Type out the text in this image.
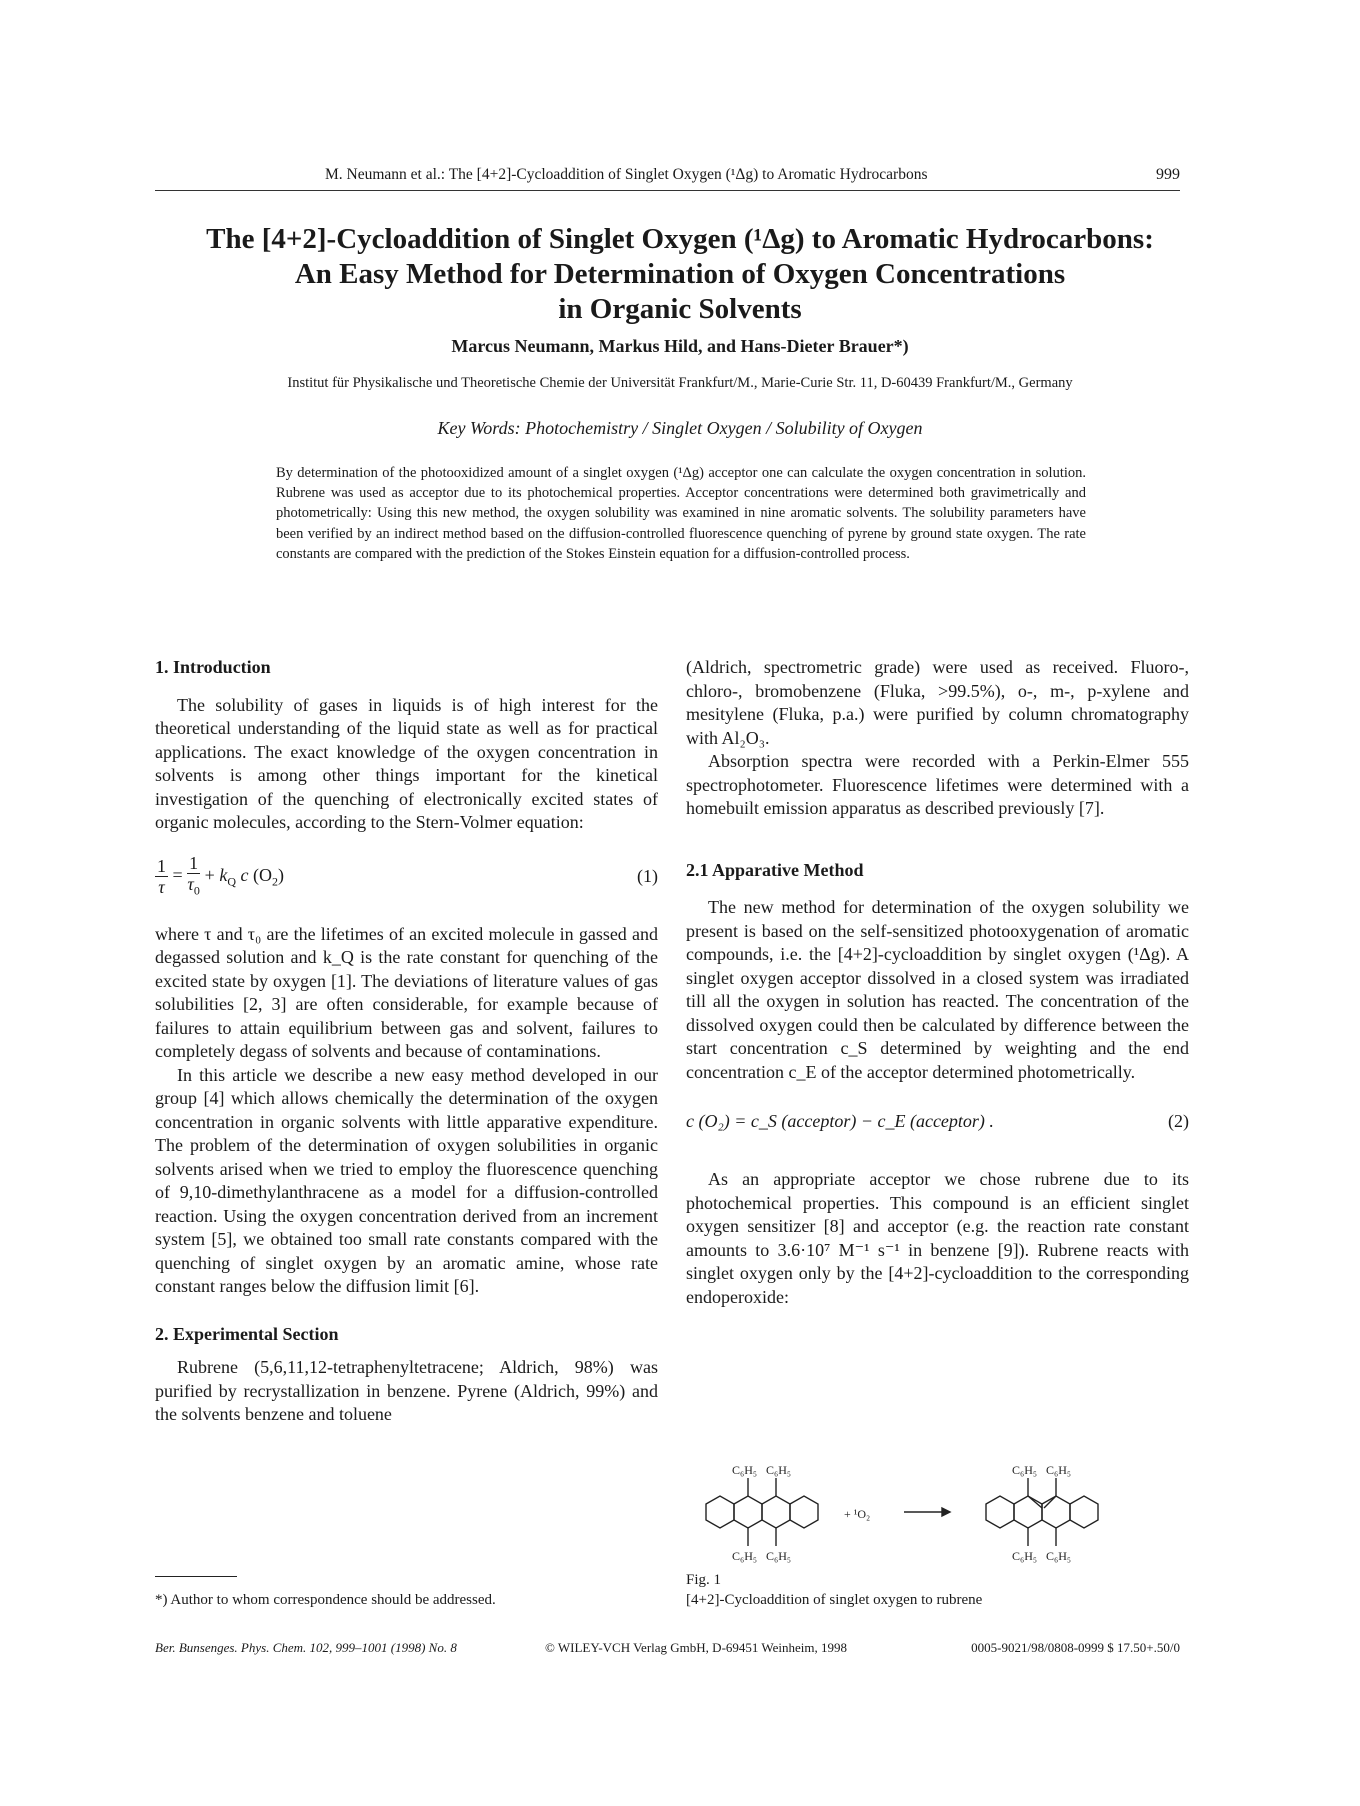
M. Neumann et al.: The [4+2]-Cycloaddition of Singlet Oxygen (¹Δg) to Aromatic Hydrocarbons	999
The [4+2]-Cycloaddition of Singlet Oxygen (¹Δg) to Aromatic Hydrocarbons:
An Easy Method for Determination of Oxygen Concentrations
in Organic Solvents
Marcus Neumann, Markus Hild, and Hans-Dieter Brauer*)
Institut für Physikalische und Theoretische Chemie der Universität Frankfurt/M., Marie-Curie Str. 11, D-60439 Frankfurt/M., Germany
Key Words: Photochemistry / Singlet Oxygen / Solubility of Oxygen
By determination of the photooxidized amount of a singlet oxygen (¹Δg) acceptor one can calculate the oxygen concentration in solution. Rubrene was used as acceptor due to its photochemical properties. Acceptor concentrations were determined both gravimetrically and photometrically: Using this new method, the oxygen solubility was examined in nine aromatic solvents. The solubility parameters have been verified by an indirect method based on the diffusion-controlled fluorescence quenching of pyrene by ground state oxygen. The rate constants are compared with the prediction of the Stokes Einstein equation for a diffusion-controlled process.
1. Introduction

The solubility of gases in liquids is of high interest for the theoretical understanding of the liquid state as well as for practical applications. The exact knowledge of the oxygen concentration in solvents is among other things important for the kinetical investigation of the quenching of electronically excited states of organic molecules, according to the Stern-Volmer equation:

$\frac{1}{\tau} = \frac{1}{\tau_0} + k_Q$ c $(O_2)$	(1)

where τ and τ₀ are the lifetimes of an excited molecule in gassed and degassed solution and k_Q is the rate constant for quenching of the excited state by oxygen [1]. The deviations of literature values of gas solubilities [2, 3] are often considerable, for example because of failures to attain equilibrium between gas and solvent, failures to completely degass of solvents and because of contaminations.

In this article we describe a new easy method developed in our group [4] which allows chemically the determination of the oxygen concentration in organic solvents with little apparative expenditure. The problem of the determination of oxygen solubilities in organic solvents arised when we tried to employ the fluorescence quenching of 9,10-dimethylanthracene as a model for a diffusion-controlled reaction. Using the oxygen concentration derived from an increment system [5], we obtained too small rate constants compared with the quenching of singlet oxygen by an aromatic amine, whose rate constant ranges below the diffusion limit [6].

2. Experimental Section

Rubrene (5,6,11,12-tetraphenyltetracene; Aldrich, 98%) was purified by recrystallization in benzene. Pyrene (Aldrich, 99%) and the solvents benzene and toluene

(Aldrich, spectrometric grade) were used as received. Fluoro-, chloro-, bromobenzene (Fluka, >99.5%), o-, m-, p-xylene and mesitylene (Fluka, p.a.) were purified by column chromatography with Al₂O₃.

Absorption spectra were recorded with a Perkin-Elmer 555 spectrophotometer. Fluorescence lifetimes were determined with a homebuilt emission apparatus as described previously [7].

2.1 Apparative Method

The new method for determination of the oxygen solubility we present is based on the self-sensitized photooxygenation of aromatic compounds, i.e. the [4+2]-cycloaddition by singlet oxygen (¹Δg). A singlet oxygen acceptor dissolved in a closed system was irradiated till all the oxygen in solution has reacted. The concentration of the dissolved oxygen could then be calculated by difference between the start concentration c_S determined by weighting and the end concentration c_E of the acceptor determined photometrically.

c (O₂) = c_S (acceptor) − c_E (acceptor) .	(2)

As an appropriate acceptor we chose rubrene due to its photochemical properties. This compound is an efficient singlet oxygen sensitizer [8] and acceptor (e.g. the reaction rate constant amounts to 3.6·10⁷ M⁻¹ s⁻¹ in benzene [9]). Rubrene reacts with singlet oxygen only by the [4+2]-cycloaddition to the corresponding endoperoxide:

C₆H₅ C₆H₅
C₆H₅ C₆H₅
+ ¹O₂
C₆H₅ C₆H₅
C₆H₅ C₆H₅
Fig. 1
[4+2]-Cycloaddition of singlet oxygen to rubrene
*) Author to whom correspondence should be addressed.
Ber. Bunsenges. Phys. Chem. 102, 999–1001 (1998) No. 8	© WILEY-VCH Verlag GmbH, D-69451 Weinheim, 1998	0005-9021/98/0808-0999 $ 17.50+.50/0
